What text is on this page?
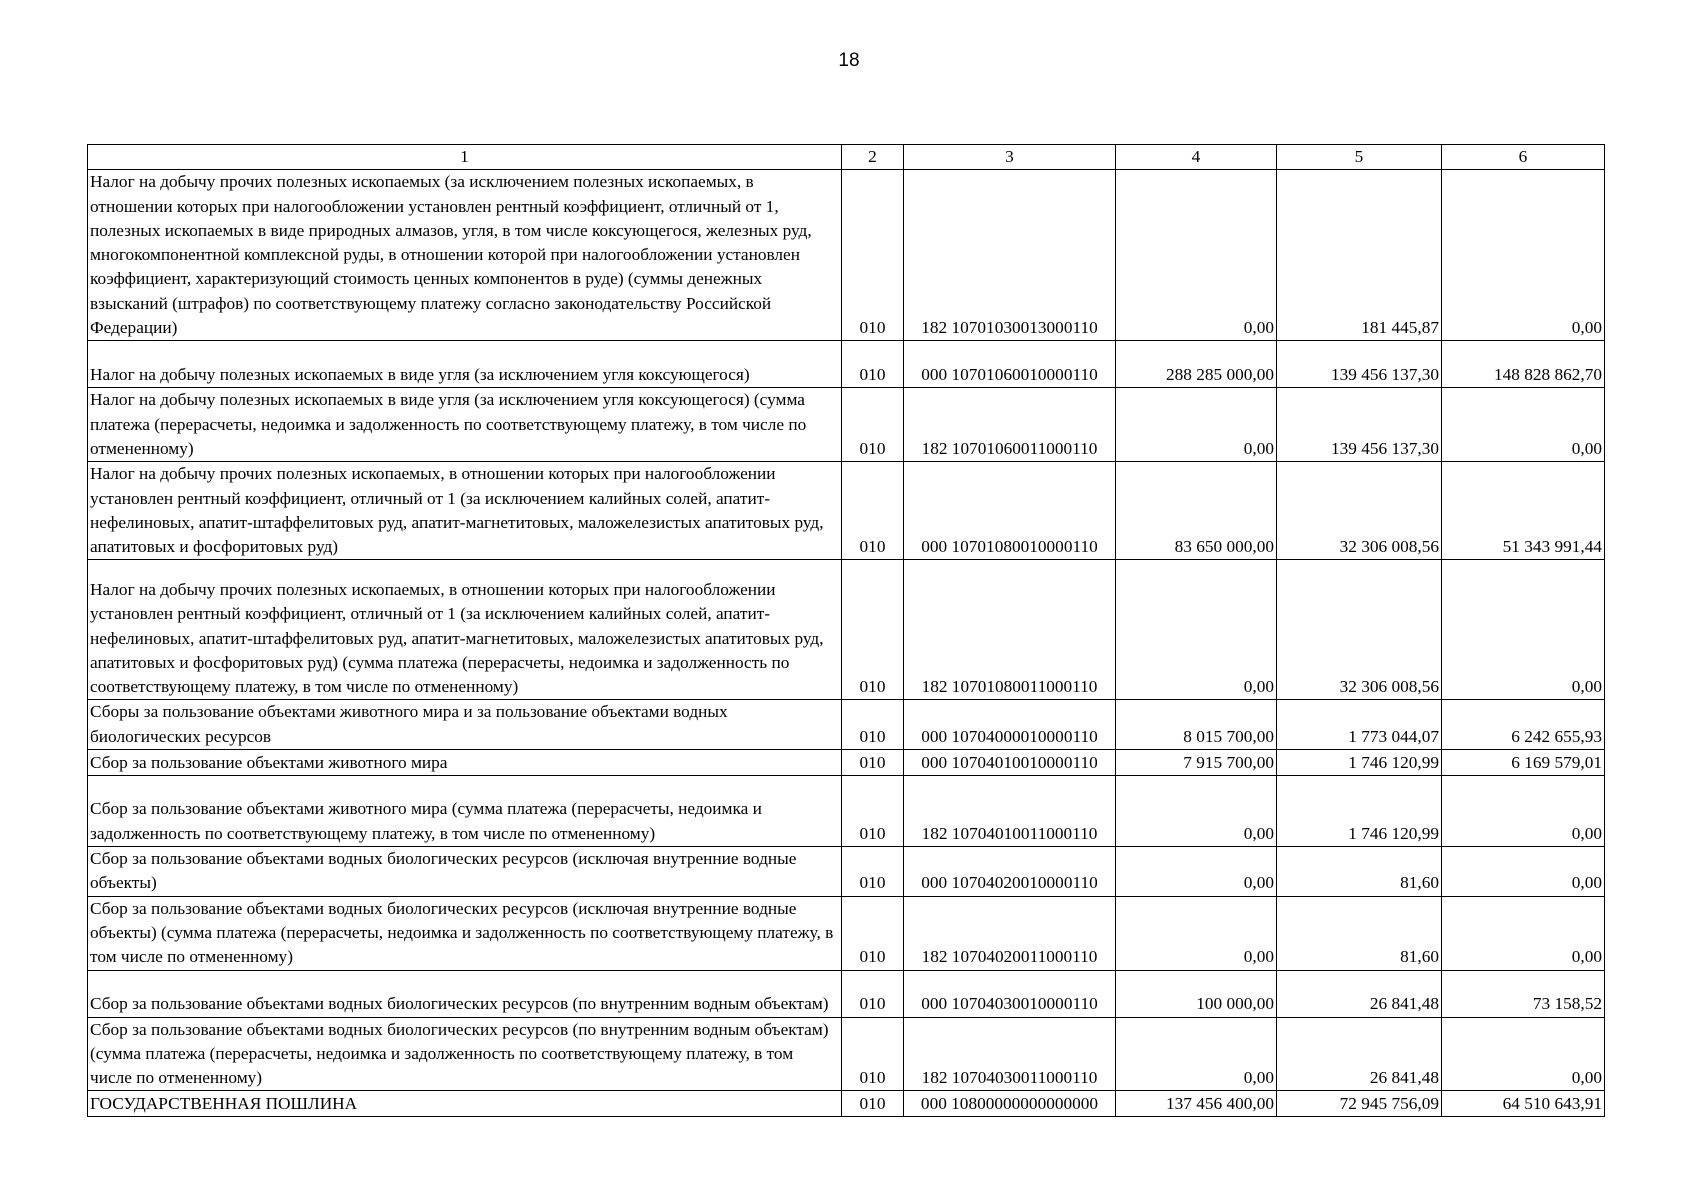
18
1	2	3	4	5	6
Налог на добычу прочих полезных ископаемых (за исключением полезных ископаемых, в отношении которых при налогообложении установлен рентный коэффициент, отличный от 1, полезных ископаемых в виде природных алмазов, угля, в том числе коксующегося, железных руд, многокомпонентной комплексной руды, в отношении которой при налогообложении установлен коэффициент, характеризующий стоимость ценных компонентов в руде) (суммы денежных взысканий (штрафов) по соответствующему платежу согласно законодательству Российской Федерации)	010	182 10701030013000110	0,00	181 445,87	0,00
Налог на добычу полезных ископаемых в виде угля (за исключением угля коксующегося)	010	000 10701060010000110	288 285 000,00	139 456 137,30	148 828 862,70
Налог на добычу полезных ископаемых в виде угля (за исключением угля коксующегося) (сумма платежа (перерасчеты, недоимка и задолженность по соответствующему платежу, в том числе по отмененному)	010	182 10701060011000110	0,00	139 456 137,30	0,00
Налог на добычу прочих полезных ископаемых, в отношении которых при налогообложении установлен рентный коэффициент, отличный от 1 (за исключением калийных солей, апатит-нефелиновых, апатит-штаффелитовых руд, апатит-магнетитовых, маложелезистых апатитовых руд, апатитовых и фосфоритовых руд)	010	000 10701080010000110	83 650 000,00	32 306 008,56	51 343 991,44
Налог на добычу прочих полезных ископаемых, в отношении которых при налогообложении установлен рентный коэффициент, отличный от 1 (за исключением калийных солей, апатит-нефелиновых, апатит-штаффелитовых руд, апатит-магнетитовых, маложелезистых апатитовых руд, апатитовых и фосфоритовых руд) (сумма платежа (перерасчеты, недоимка и задолженность по соответствующему платежу, в том числе по отмененному)	010	182 10701080011000110	0,00	32 306 008,56	0,00
Сборы за пользование объектами животного мира и за пользование объектами водных биологических ресурсов	010	000 10704000010000110	8 015 700,00	1 773 044,07	6 242 655,93
Сбор за пользование объектами животного мира	010	000 10704010010000110	7 915 700,00	1 746 120,99	6 169 579,01
Сбор за пользование объектами животного мира (сумма платежа (перерасчеты, недоимка и задолженность по соответствующему платежу, в том числе по отмененному)	010	182 10704010011000110	0,00	1 746 120,99	0,00
Сбор за пользование объектами водных биологических ресурсов (исключая внутренние водные объекты)	010	000 10704020010000110	0,00	81,60	0,00
Сбор за пользование объектами водных биологических ресурсов (исключая внутренние водные объекты) (сумма платежа (перерасчеты, недоимка и задолженность по соответствующему платежу, в том числе по отмененному)	010	182 10704020011000110	0,00	81,60	0,00
Сбор за пользование объектами водных биологических ресурсов (по внутренним водным объектам)	010	000 10704030010000110	100 000,00	26 841,48	73 158,52
Сбор за пользование объектами водных биологических ресурсов (по внутренним водным объектам) (сумма платежа (перерасчеты, недоимка и задолженность по соответствующему платежу, в том числе по отмененному)	010	182 10704030011000110	0,00	26 841,48	0,00
ГОСУДАРСТВЕННАЯ ПОШЛИНА	010	000 10800000000000000	137 456 400,00	72 945 756,09	64 510 643,91
